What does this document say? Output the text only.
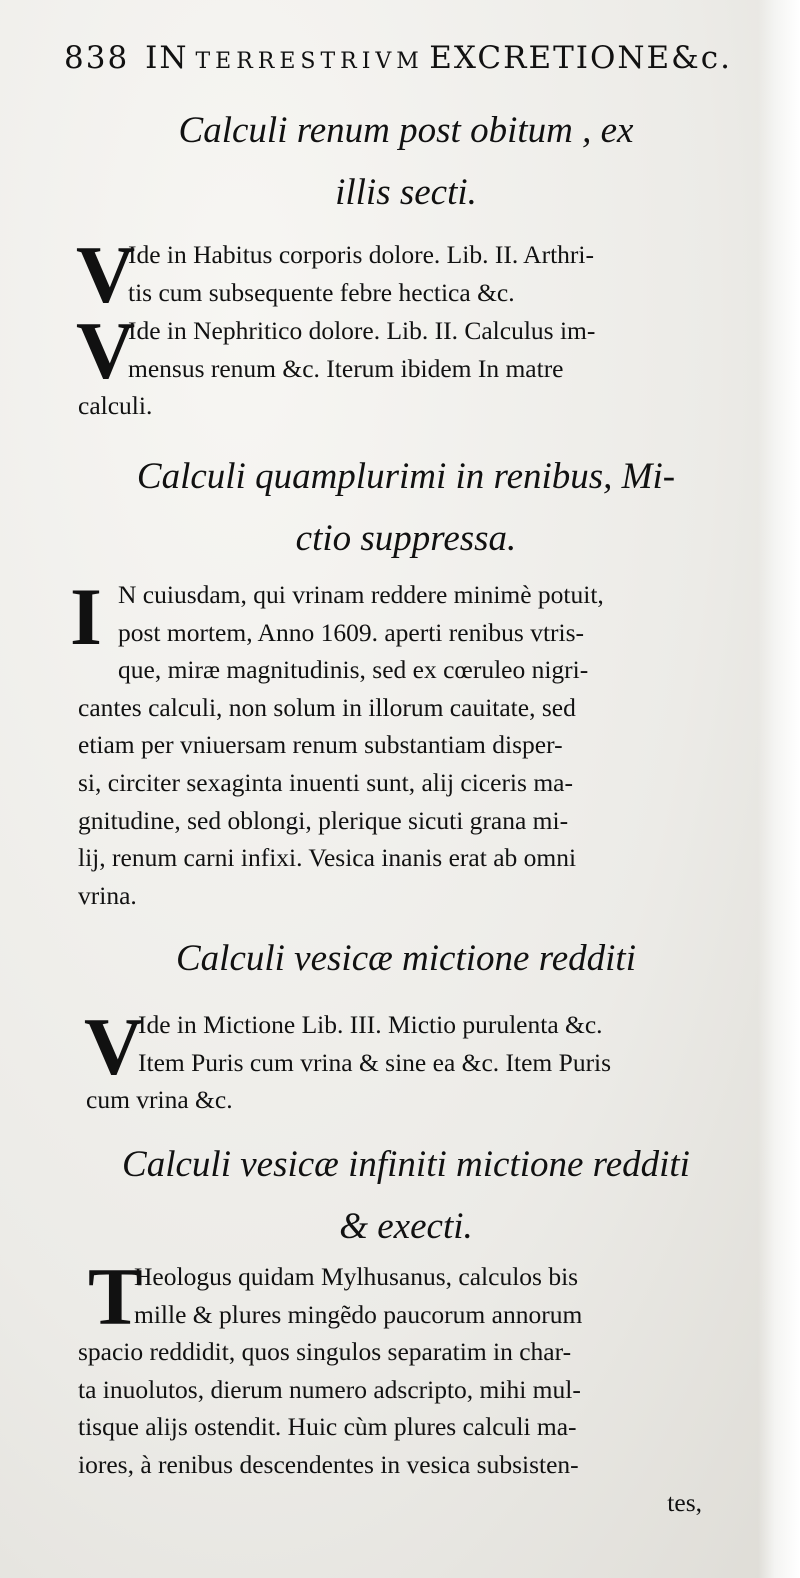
838 IN TERRESTRIVM EXCRETIONE&c.
Calculi renum post obitum , ex
illis secti.
V
Ide in Habitus corporis dolore. Lib. II. Arthri-
tis cum subsequente febre hectica &c.
V
Ide in Nephritico dolore. Lib. II. Calculus im-
mensus renum &c. Iterum ibidem In matre
calculi.
Calculi quamplurimi in renibus, Mi-
ctio suppressa.
I N cuiusdam, qui vrinam reddere minimè potuit,
post mortem, Anno 1609. aperti renibus vtris-
que, miræ magnitudinis, sed ex cœruleo nigri-
cantes calculi, non solum in illorum cauitate, sed
etiam per vniuersam renum substantiam disper-
si, circiter sexaginta inuenti sunt, alij ciceris ma-
gnitudine, sed oblongi, plerique sicuti grana mi-
lij, renum carni infixi. Vesica inanis erat ab omni
vrina.
Calculi vesicæ mictione redditi
V
Ide in Mictione Lib. III. Mictio purulenta &c.
Item Puris cum vrina & sine ea &c. Item Puris
cum vrina &c.
Calculi vesicæ infiniti mictione redditi
& execti.
T
Heologus quidam Mylhusanus, calculos bis
mille & plures mingẽdo paucorum annorum
spacio reddidit, quos singulos separatim in char-
ta inuolutos, dierum numero adscripto, mihi mul-
tisque alijs ostendit. Huic cùm plures calculi ma-
iores, à renibus descendentes in vesica subsisten-
tes,
